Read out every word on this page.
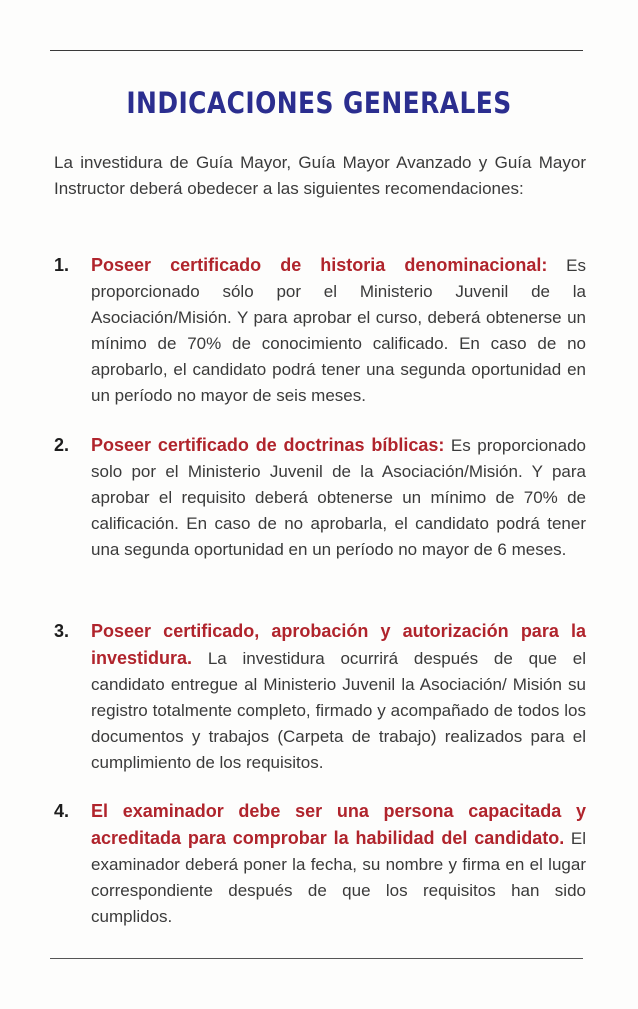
INDICACIONES GENERALES

La investidura de Guía Mayor, Guía Mayor Avanzado y Guía Mayor Instructor deberá obedecer a las siguientes recomendaciones:

1. Poseer certificado de historia denominacional: Es proporcionado sólo por el Ministerio Juvenil de la Asociación/Misión. Y para aprobar el curso, deberá obtenerse un mínimo de 70% de conocimiento calificado. En caso de no aprobarlo, el candidato podrá tener una segunda oportunidad en un período no mayor de seis meses.
2. Poseer certificado de doctrinas bíblicas: Es proporcionado solo por el Ministerio Juvenil de la Asociación/Misión. Y para aprobar el requisito deberá obtenerse un mínimo de 70% de calificación. En caso de no aprobarla, el candidato podrá tener una segunda oportunidad en un período no mayor de 6 meses.
3. Poseer certificado, aprobación y autorización para la investidura. La investidura ocurrirá después de que el candidato entregue al Ministerio Juvenil la Asociación/ Misión su registro totalmente completo, firmado y acompañado de todos los documentos y trabajos (Carpeta de trabajo) realizados para el cumplimiento de los requisitos.
4. El examinador debe ser una persona capacitada y acreditada para comprobar la habilidad del candidato. El examinador deberá poner la fecha, su nombre y firma en el lugar correspondiente después de que los requisitos han sido cumplidos.
